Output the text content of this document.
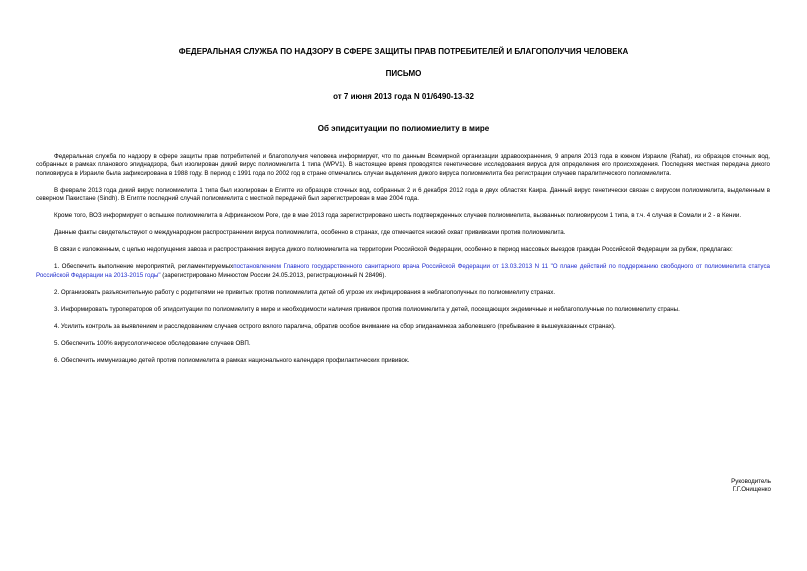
ФЕДЕРАЛЬНАЯ СЛУЖБА ПО НАДЗОРУ В СФЕРЕ ЗАЩИТЫ ПРАВ ПОТРЕБИТЕЛЕЙ И БЛАГОПОЛУЧИЯ ЧЕЛОВЕКА
ПИСЬМО
от 7 июня 2013 года N 01/6490-13-32
Об эпидситуации по полиомиелиту в мире

Федеральная служба по надзору в сфере защиты прав потребителей и благополучия человека информирует, что по данным Всемирной организации здравоохранения, 9 апреля 2013 года в южном Израиле (Rahat), из образцов сточных вод, собранных в рамках планового эпиднадзора, был изолирован дикий вирус полиомиелита 1 типа (WPV1). В настоящее время проводятся генетические исследования вируса для определения его происхождения. Последняя местная передача дикого полиовируса в Израиле была зафиксирована в 1988 году. В период с 1991 года по 2002 год в стране отмечались случаи выделения дикого вируса полиомиелита без регистрации случаев паралитического полиомиелита.

В феврале 2013 года дикий вирус полиомиелита 1 типа был изолирован в Египте из образцов сточных вод, собранных 2 и 6 декабря 2012 года в двух областях Каира. Данный вирус генетически связан с вирусом полиомиелита, выделенным в северном Пакистане (Sindh). В Египте последний случай полиомиелита с местной передачей был зарегистрирован в мае 2004 года.

Кроме того, ВОЗ информирует о вспышке полиомиелита в Африканском Роге, где в мае 2013 года зарегистрировано шесть подтвержденных случаев полиомиелита, вызванных полиовирусом 1 типа, в т.ч. 4 случая в Сомали и 2 - в Кении.

Данные факты свидетельствуют о международном распространении вируса полиомиелита, особенно в странах, где отмечается низкий охват прививками против полиомиелита.

В связи с изложенным, с целью недопущения завоза и распространения вируса дикого полиомиелита на территории Российской Федерации, особенно в период массовых выездов граждан Российской Федерации за рубеж, предлагаю:

1. Обеспечить выполнение мероприятий, регламентируемыхпостановлением Главного государственного санитарного врача Российской Федерации от 13.03.2013 N 11 "О плане действий по поддержанию свободного от полиомиелита статуса Российской Федерации на 2013-2015 годы" (зарегистрировано Минюстом России 24.05.2013, регистрационный N 28496).

2. Организовать разъяснительную работу с родителями не привитых против полиомиелита детей об угрозе их инфицирования в неблагополучных по полиомиелиту странах.

3. Информировать туроператоров об эпидситуации по полиомиелиту в мире и необходимости наличия прививок против полиомиелита у детей, посещающих эндемичные и неблагополучные по полиомиелиту страны.

4. Усилить контроль за выявлением и расследованием случаев острого вялого паралича, обратив особое внимание на сбор эпиданамнеза заболевшего (пребывание в вышеуказанных странах).

5. Обеспечить 100% вирусологическое обследование случаев ОВП.

6. Обеспечить иммунизацию детей против полиомиелита в рамках национального календаря профилактических прививок.

Руководитель
Г.Г.Онищенко
